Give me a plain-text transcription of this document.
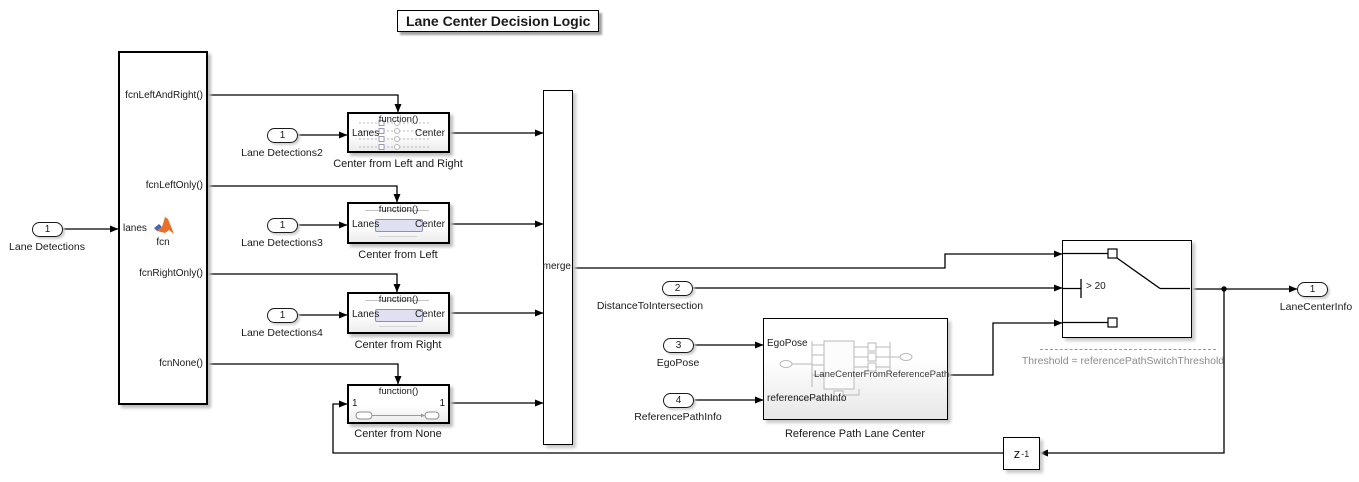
Lane Center Decision Logic
lanes
fcn
fcnLeftAndRight()
fcnLeftOnly()
fcnRightOnly()
fcnNone()
1
Lane Detections
1
Lane Detections2
1
Lane Detections3
1
Lane Detections4
2
DistanceToIntersection
3
EgoPose
4
ReferencePathInfo
1
LaneCenterInfo
function()
Lanes	Center
Center from Left and Right
function()
Lanes	Center
Center from Left
function()
Lanes	Center
Center from Right
function()
1	1
Center from None
merge
EgoPose
referencePathInfo
LaneCenterFromReferencePath
Reference Path Lane Center
> 20
Threshold = referencePathSwitchThreshold
z -1
